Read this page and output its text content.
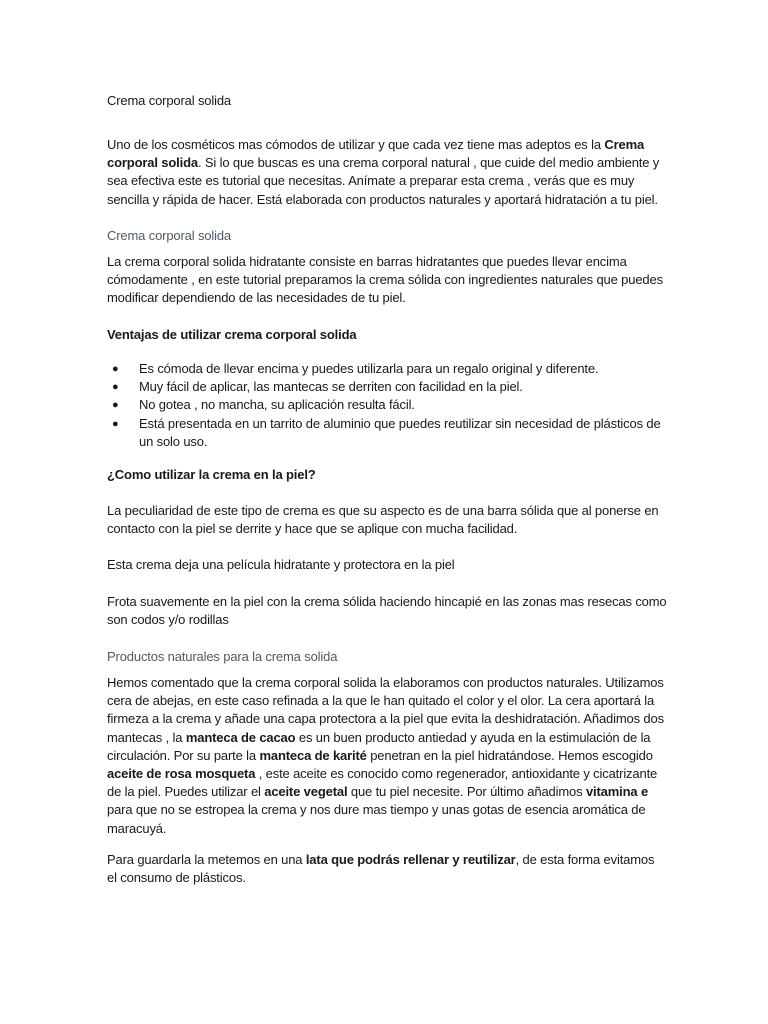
Crema corporal solida

Uno de los cosméticos mas cómodos de utilizar y que cada vez tiene mas adeptos es la Crema corporal solida. Si lo que buscas es una crema corporal natural , que cuide del medio ambiente y sea efectiva este es tutorial que necesitas. Anímate a preparar esta crema , verás que es muy sencilla y rápida de hacer. Está elaborada con productos naturales y aportará hidratación a tu piel.

Crema corporal solida

La crema corporal solida hidratante consiste en barras hidratantes que puedes llevar encima cómodamente , en este tutorial preparamos la crema sólida con ingredientes naturales que puedes modificar dependiendo de las necesidades de tu piel.

Ventajas de utilizar crema corporal solida

● Es cómoda de llevar encima y puedes utilizarla para un regalo original y diferente.
● Muy fácil de aplicar, las mantecas se derriten con facilidad en la piel.
● No gotea , no mancha, su aplicación resulta fácil.
● Está presentada en un tarrito de aluminio que puedes reutilizar sin necesidad de plásticos de un solo uso.

¿Como utilizar la crema en la piel?

La peculiaridad de este tipo de crema es que su aspecto es de una barra sólida que al ponerse en contacto con la piel se derrite y hace que se aplique con mucha facilidad.

Esta crema deja una película hidratante y protectora en la piel

Frota suavemente en la piel con la crema sólida haciendo hincapié en las zonas mas resecas como son codos y/o rodillas

Productos naturales para la crema solida

Hemos comentado que la crema corporal solida la elaboramos con productos naturales. Utilizamos cera de abejas, en este caso refinada a la que le han quitado el color y el olor. La cera aportará la firmeza a la crema y añade una capa protectora a la piel que evita la deshidratación. Añadimos dos mantecas , la manteca de cacao es un buen producto antiedad y ayuda en la estimulación de la circulación. Por su parte la manteca de karité penetran en la piel hidratándose. Hemos escogido aceite de rosa mosqueta , este aceite es conocido como regenerador, antioxidante y cicatrizante de la piel. Puedes utilizar el aceite vegetal que tu piel necesite. Por último añadimos vitamina e para que no se estropea la crema y nos dure mas tiempo y unas gotas de esencia aromática de maracuyá.

Para guardarla la metemos en una lata que podrás rellenar y reutilizar, de esta forma evitamos el consumo de plásticos.
